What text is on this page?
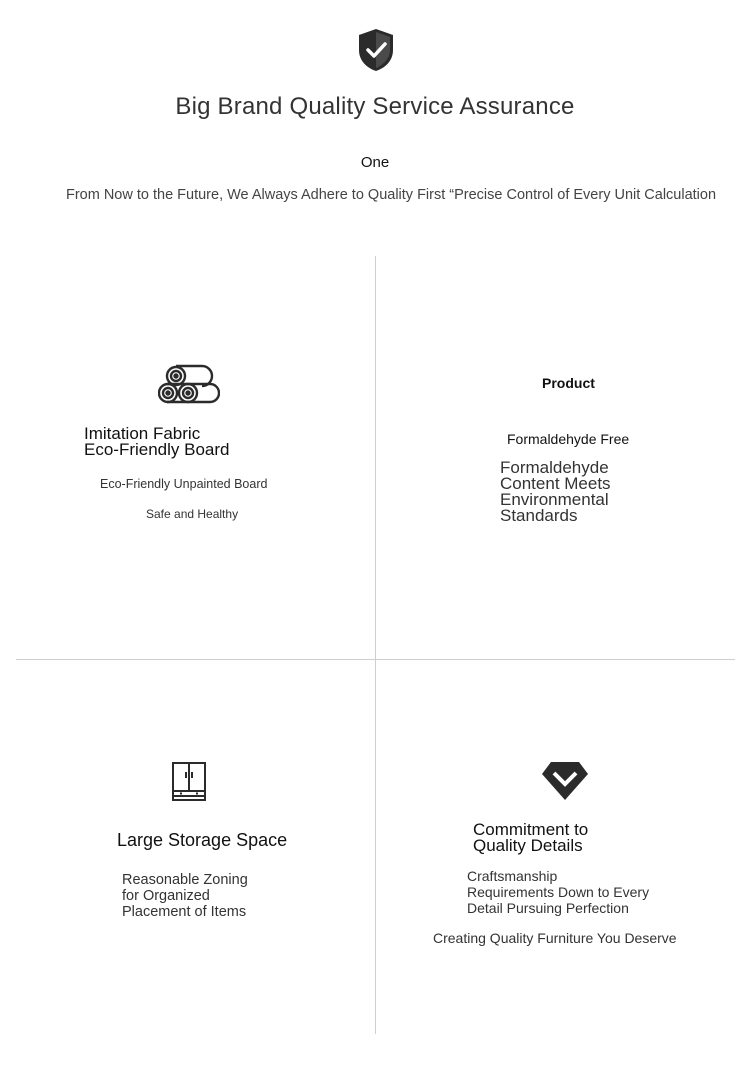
Big Brand Quality Service Assurance
One
From Now to the Future, We Always Adhere to Quality First “Precise Control of Every Unit Calculation
Imitation Fabric
Eco-Friendly Board
Eco-Friendly Unpainted Board
Safe and Healthy
Product
Formaldehyde Free
Formaldehyde
Content Meets
Environmental
Standards
Large Storage Space
Reasonable Zoning
for Organized
Placement of Items
Commitment to
Quality Details
Craftsmanship
Requirements Down to Every
Detail Pursuing Perfection
Creating Quality Furniture You Deserve
